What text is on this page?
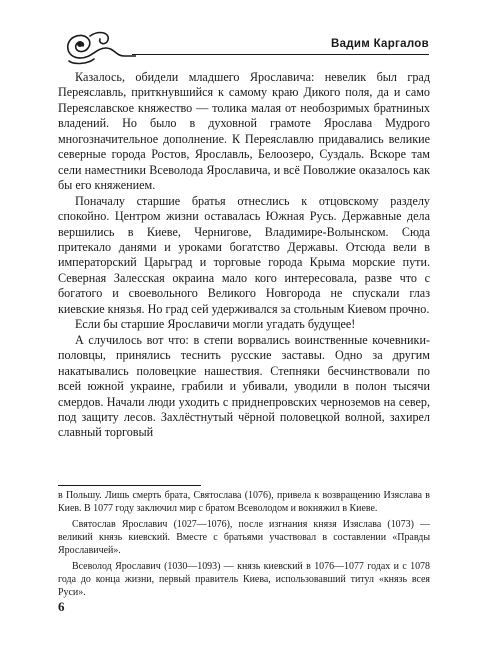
Вадим Каргалов

Казалось, обидели младшего Ярославича: невелик был град Переяславль, приткнувшийся к самому краю Дикого поля, да и само Переяславское княжество — толика малая от необозримых братниных владений. Но было в духовной грамоте Ярослава Мудрого многозначительное дополнение. К Переяславлю придавались великие северные города Ростов, Ярославль, Белоозеро, Суздаль. Вскоре там сели наместники Всеволода Ярославича, и всё Поволжие оказалось как бы его княжением.

Поначалу старшие братья отнеслись к отцовскому разделу спокойно. Центром жизни оставалась Южная Русь. Державные дела вершились в Киеве, Чернигове, Владимире-Волынском. Сюда притекало данями и уроками богатство Державы. Отсюда вели в императорский Царьград и торговые города Крыма морские пути. Северная Залесская окраина мало кого интересовала, разве что с богатого и своевольного Великого Новгорода не спускали глаз киевские князья. Но град сей удерживался за стольным Киевом прочно.

Если бы старшие Ярославичи могли угадать будущее!

А случилось вот что: в степи ворвались воинственные кочевники-половцы, принялись теснить русские заставы. Одно за другим накатывались половецкие нашествия. Степняки бесчинствовали по всей южной украине, грабили и убивали, уводили в полон тысячи смердов. Начали люди уходить с приднепровских черноземов на север, под защиту лесов. Захлёстнутый чёрной половецкой волной, захирел славный торговый

в Польшу. Лишь смерть брата, Святослава (1076), привела к возвращению Изяслава в Киев. В 1077 году заключил мир с братом Всеволодом и вокняжил в Киеве.

Святослав Ярославич (1027—1076), после изгнания князя Изяслава (1073) — великий князь киевский. Вместе с братьями участвовал в составлении «Правды Ярославичей».

Всеволод Ярославич (1030—1093) — князь киевский в 1076—1077 годах и с 1078 года до конца жизни, первый правитель Киева, использовавший титул «князь всея Руси».

6
